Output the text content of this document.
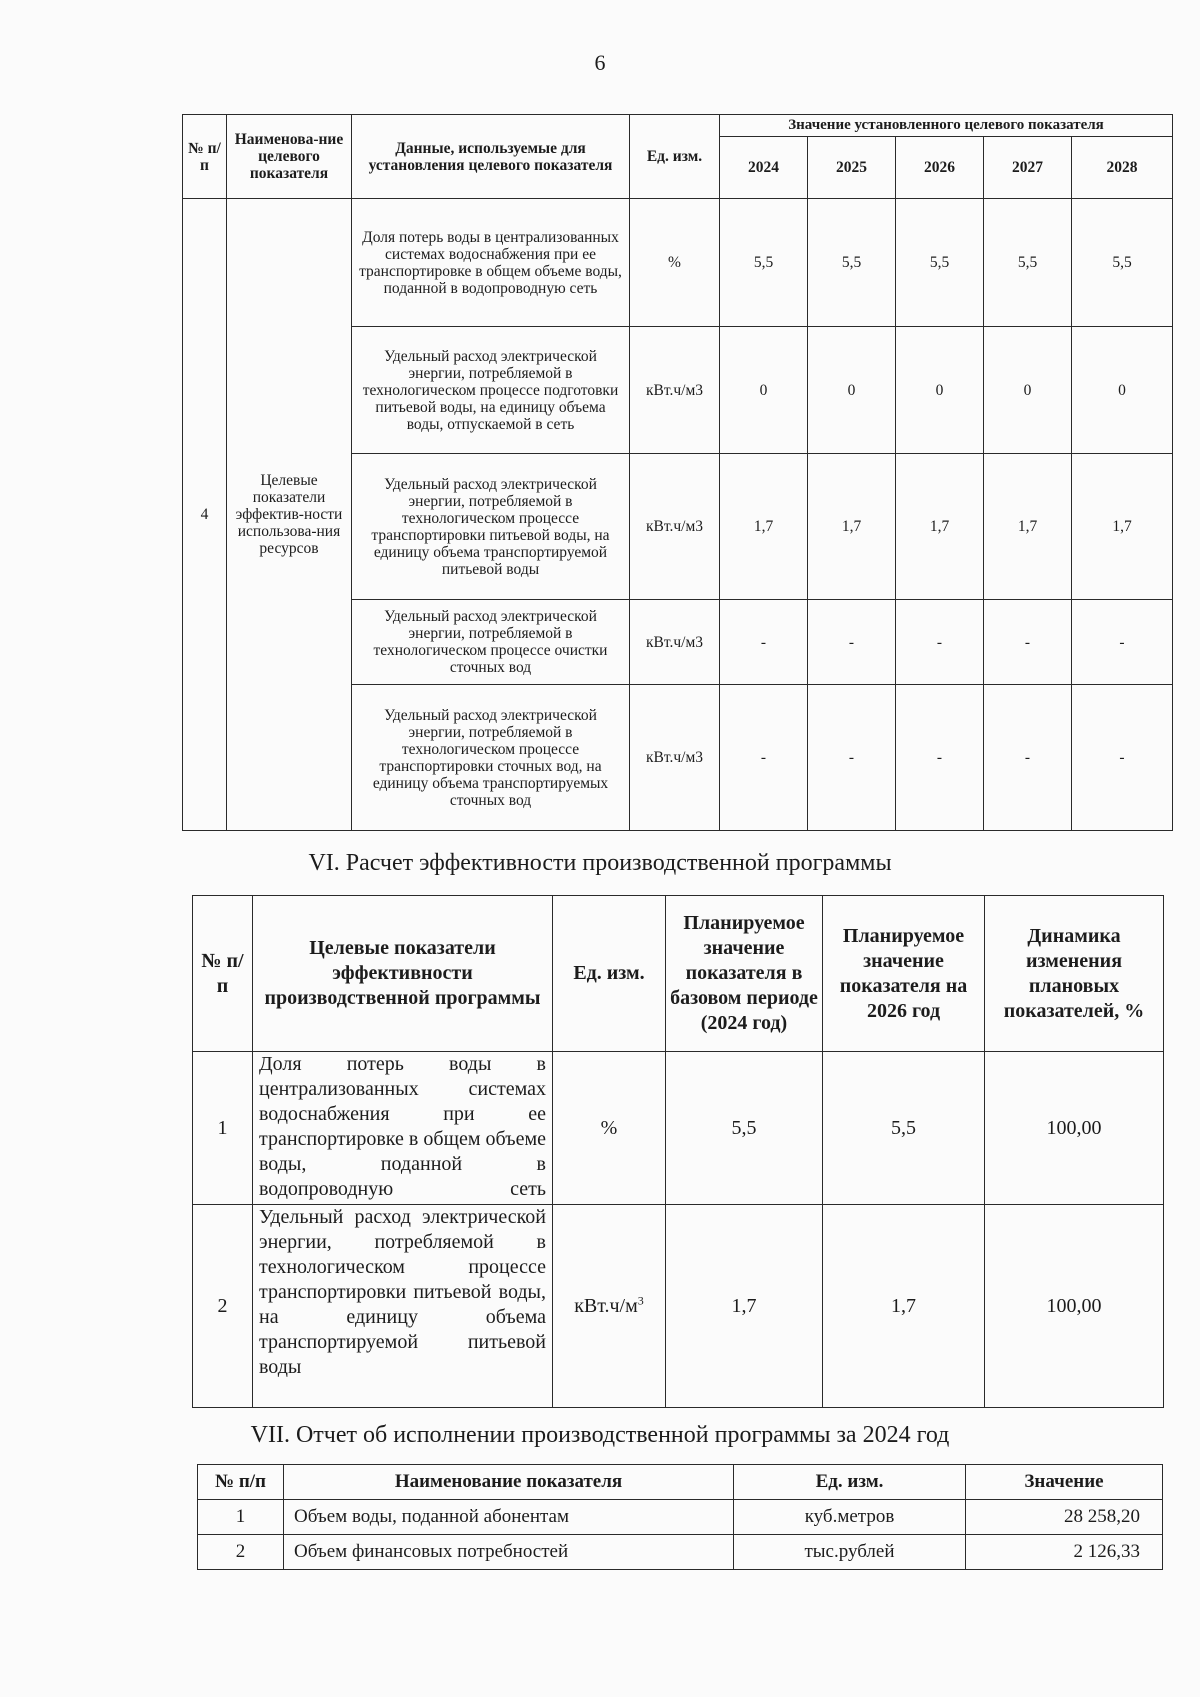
6
№ п/п	Наименова-ние целевого показателя	Данные, используемые для установления целевого показателя	Ед. изм.	Значение установленного целевого показателя				
				2024	2025	2026	2027	2028
4	Целевые показатели эффектив-ности использова-ния ресурсов	Доля потерь воды в централизованных системах водоснабжения при ее транспортировке в общем объеме воды, поданной в водопроводную сеть	%	5,5	5,5	5,5	5,5	5,5
		Удельный расход электрической энергии, потребляемой в технологическом процессе подготовки питьевой воды, на единицу объема воды, отпускаемой в сеть	кВт.ч/м3	0	0	0	0	0
		Удельный расход электрической энергии, потребляемой в технологическом процессе транспортировки питьевой воды, на единицу объема транспортируемой питьевой воды	кВт.ч/м3	1,7	1,7	1,7	1,7	1,7
		Удельный расход электрической энергии, потребляемой в технологическом процессе очистки сточных вод	кВт.ч/м3	-	-	-	-	-
		Удельный расход электрической энергии, потребляемой в технологическом процессе транспортировки сточных вод, на единицу объема транспортируемых сточных вод	кВт.ч/м3	-	-	-	-	-
VI. Расчет эффективности производственной программы
№ п/п	Целевые показатели эффективности производственной программы	Ед. изм.	Планируемое значение показателя в базовом периоде (2024 год)	Планируемое значение показателя на 2026 год	Динамика изменения плановых показателей, %
1	Доля потерь воды в централизованных системах водоснабжения при ее транспортировке в общем объеме воды, поданной в водопроводную сеть	%	5,5	5,5	100,00
2	Удельный расход электрической энергии, потребляемой в технологическом процессе транспортировки питьевой воды, на единицу объема транспортируемой питьевой воды	$кВт.ч/м^3$	1,7	1,7	100,00
VII. Отчет об исполнении производственной программы за 2024 год
№ п/п	Наименование показателя	Ед. изм.	Значение
1	Объем воды, поданной абонентам	куб.метров	28 258,20
2	Объем финансовых потребностей	тыс.рублей	2 126,33
